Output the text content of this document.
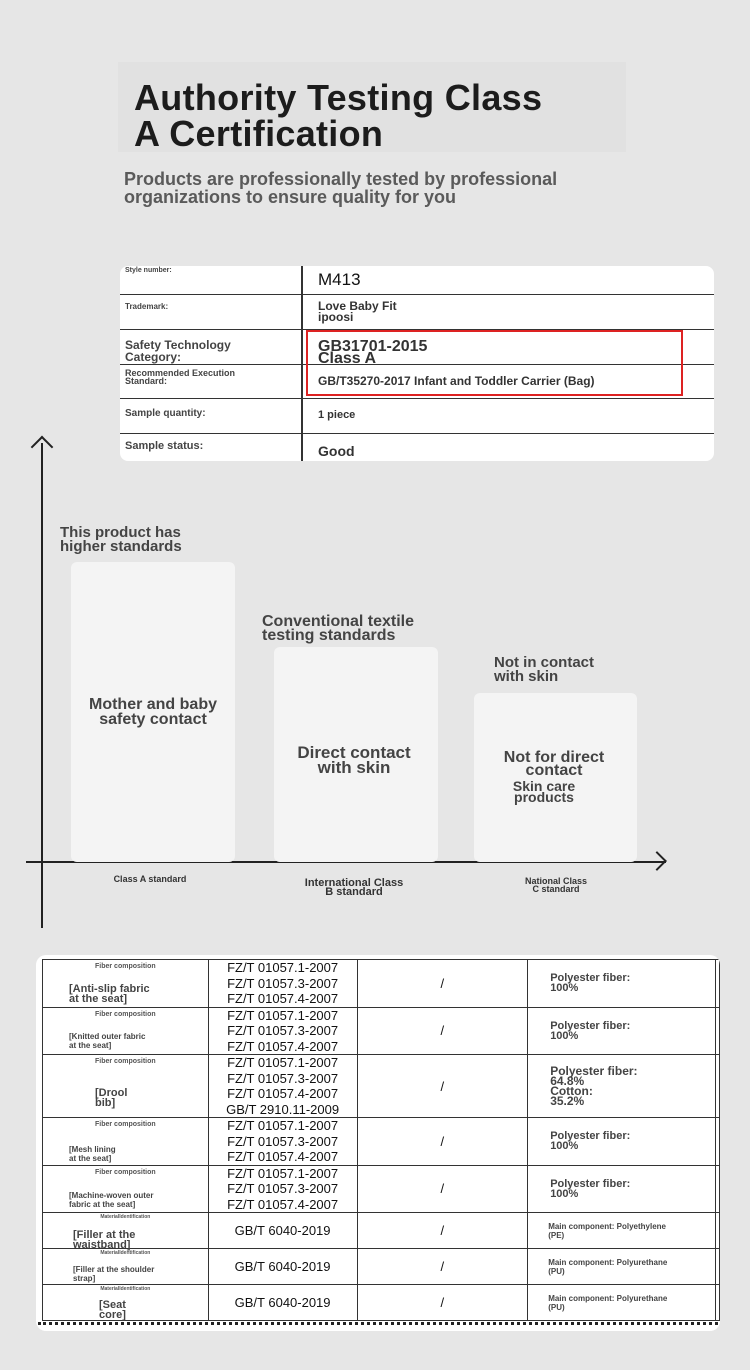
Authority Testing Class
A Certification
Products are professionally tested by professional
organizations to ensure quality for you
Style number:	M413
Trademark:	Love Baby Fit
ipoosi
Safety Technology
Category:
GB31701-2015
Class A
Recommended Execution
Standard:	GB/T35270-2017 Infant and Toddler Carrier (Bag)
Sample quantity:	1 piece
Sample status:	Good
This product has
higher standards
Mother and baby
safety contact
Class A standard
Conventional textile
testing standards
Direct contact
with skin
International Class
B standard
Not in contact
with skin
Not for direct
contact
Skin care
products
National Class
C standard
Fiber composition
[Anti-slip fabric
at the seat]	FZ/T 01057.1-2007
FZ/T 01057.3-2007
FZ/T 01057.4-2007	/	Polyester fiber:
100%	

Fiber composition
[Knitted outer fabric
at the seat]	FZ/T 01057.1-2007
FZ/T 01057.3-2007
FZ/T 01057.4-2007	/	Polyester fiber:
100%	

Fiber composition
[Drool
bib]	FZ/T 01057.1-2007
FZ/T 01057.3-2007
FZ/T 01057.4-2007
GB/T 2910.11-2009	/	Polyester fiber:
64.8%
Cotton:
35.2%	

Fiber composition
[Mesh lining
at the seat]	FZ/T 01057.1-2007
FZ/T 01057.3-2007
FZ/T 01057.4-2007	/	Polyester fiber:
100%	

Fiber composition
[Machine-woven outer
fabric at the seat]	FZ/T 01057.1-2007
FZ/T 01057.3-2007
FZ/T 01057.4-2007	/	Polyester fiber:
100%	

MaterialIdentification
[Filler at the
waistband]	GB/T 6040-2019	/	Main component: Polyethylene
(PE)	

MaterialIdentification
[Filler at the shoulder
strap]	GB/T 6040-2019	/	Main component: Polyurethane
(PU)	

MaterialIdentification
[Seat
core]	GB/T 6040-2019	/	Main component: Polyurethane
(PU)	
